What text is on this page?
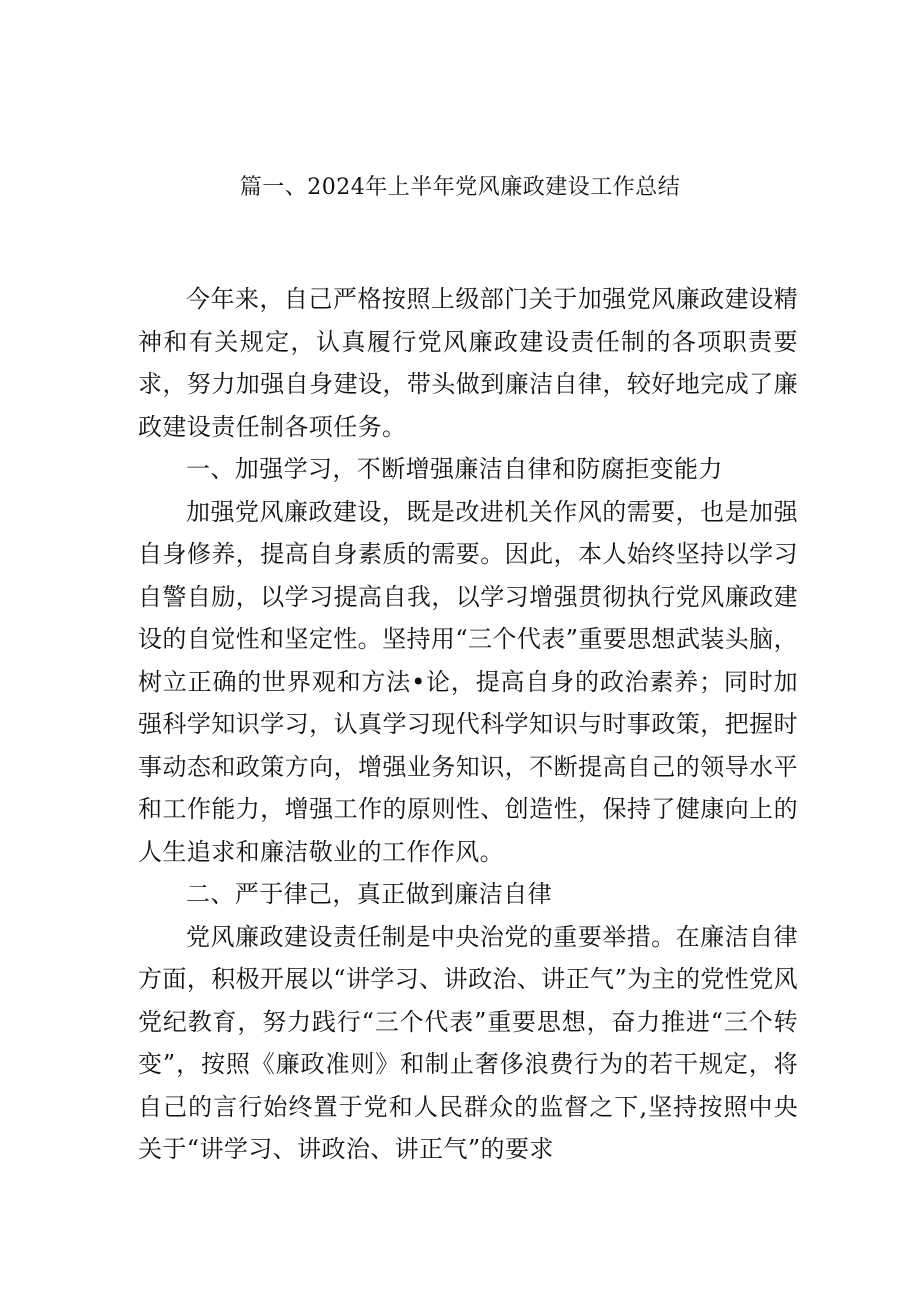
篇一、2024年上半年党风廉政建设工作总结

今年来，自己严格按照上级部门关于加强党风廉政建设精神和有关规定，认真履行党风廉政建设责任制的各项职责要求，努力加强自身建设，带头做到廉洁自律，较好地完成了廉政建设责任制各项任务。

一、加强学习，不断增强廉洁自律和防腐拒变能力

加强党风廉政建设，既是改进机关作风的需要，也是加强自身修养，提高自身素质的需要。因此，本人始终坚持以学习自警自励，以学习提高自我，以学习增强贯彻执行党风廉政建设的自觉性和坚定性。坚持用“三个代表”重要思想武装头脑，树立正确的世界观和方法•论，提高自身的政治素养；同时加强科学知识学习，认真学习现代科学知识与时事政策，把握时事动态和政策方向，增强业务知识，不断提高自己的领导水平和工作能力，增强工作的原则性、创造性，保持了健康向上的人生追求和廉洁敬业的工作作风。

二、严于律己，真正做到廉洁自律

党风廉政建设责任制是中央治党的重要举措。在廉洁自律方面，积极开展以“讲学习、讲政治、讲正气”为主的党性党风党纪教育，努力践行“三个代表”重要思想，奋力推进“三个转变”，按照《廉政准则》和制止奢侈浪费行为的若干规定，将自己的言行始终置于党和人民群众的监督之下,坚持按照中央关于“讲学习、讲政治、讲正气”的要求
